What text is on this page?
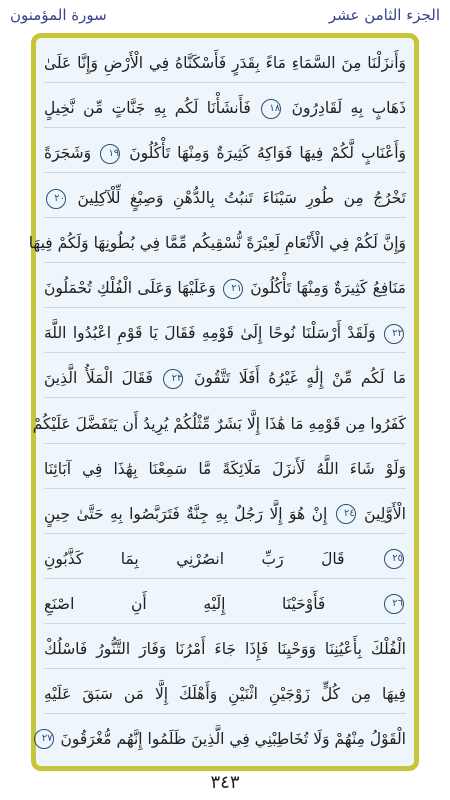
الجزء الثامن عشر
سورة المؤمنون
وَأَنزَلْنَا مِنَ السَّمَاءِ مَاءً بِقَدَرٍ فَأَسْكَنَّاهُ فِي الْأَرْضِ وَإِنَّا عَلَىٰ
ذَهَابٍ بِهِ لَقَادِرُونَ ١٨ فَأَنشَأْنَا لَكُم بِهِ جَنَّاتٍ مِّن نَّخِيلٍ
وَأَعْنَابٍ لَّكُمْ فِيهَا فَوَاكِهُ كَثِيرَةٌ وَمِنْهَا تَأْكُلُونَ ١٩ وَشَجَرَةً
تَخْرُجُ مِن طُورِ سَيْنَاءَ تَنبُتُ بِالدُّهْنِ وَصِبْغٍ لِّلْآكِلِينَ ٢٠
وَإِنَّ لَكُمْ فِي الْأَنْعَامِ لَعِبْرَةً نُّسْقِيكُم مِّمَّا فِي بُطُونِهَا وَلَكُمْ فِيهَا
مَنَافِعُ كَثِيرَةٌ وَمِنْهَا تَأْكُلُونَ ٢١ وَعَلَيْهَا وَعَلَى الْفُلْكِ تُحْمَلُونَ
٢٢ وَلَقَدْ أَرْسَلْنَا نُوحًا إِلَىٰ قَوْمِهِ فَقَالَ يَا قَوْمِ اعْبُدُوا اللَّهَ
مَا لَكُم مِّنْ إِلَٰهٍ غَيْرُهُ أَفَلَا تَتَّقُونَ ٢٣ فَقَالَ الْمَلَأُ الَّذِينَ
كَفَرُوا مِن قَوْمِهِ مَا هَٰذَا إِلَّا بَشَرٌ مِّثْلُكُمْ يُرِيدُ أَن يَتَفَضَّلَ عَلَيْكُمْ
وَلَوْ شَاءَ اللَّهُ لَأَنزَلَ مَلَائِكَةً مَّا سَمِعْنَا بِهَٰذَا فِي آبَائِنَا
الْأَوَّلِينَ ٢٤ إِنْ هُوَ إِلَّا رَجُلٌ بِهِ جِنَّةٌ فَتَرَبَّصُوا بِهِ حَتَّىٰ حِينٍ
٢٥ قَالَ رَبِّ انصُرْنِي بِمَا كَذَّبُونِ
٢٦ فَأَوْحَيْنَا إِلَيْهِ أَنِ اصْنَعِ
الْفُلْكَ بِأَعْيُنِنَا وَوَحْيِنَا فَإِذَا جَاءَ أَمْرُنَا وَفَارَ التَّنُّورُ فَاسْلُكْ
فِيهَا مِن كُلٍّ زَوْجَيْنِ اثْنَيْنِ وَأَهْلَكَ إِلَّا مَن سَبَقَ عَلَيْهِ
الْقَوْلُ مِنْهُمْ وَلَا تُخَاطِبْنِي فِي الَّذِينَ ظَلَمُوا إِنَّهُم مُّغْرَقُونَ ٢٧
٣٤٣
